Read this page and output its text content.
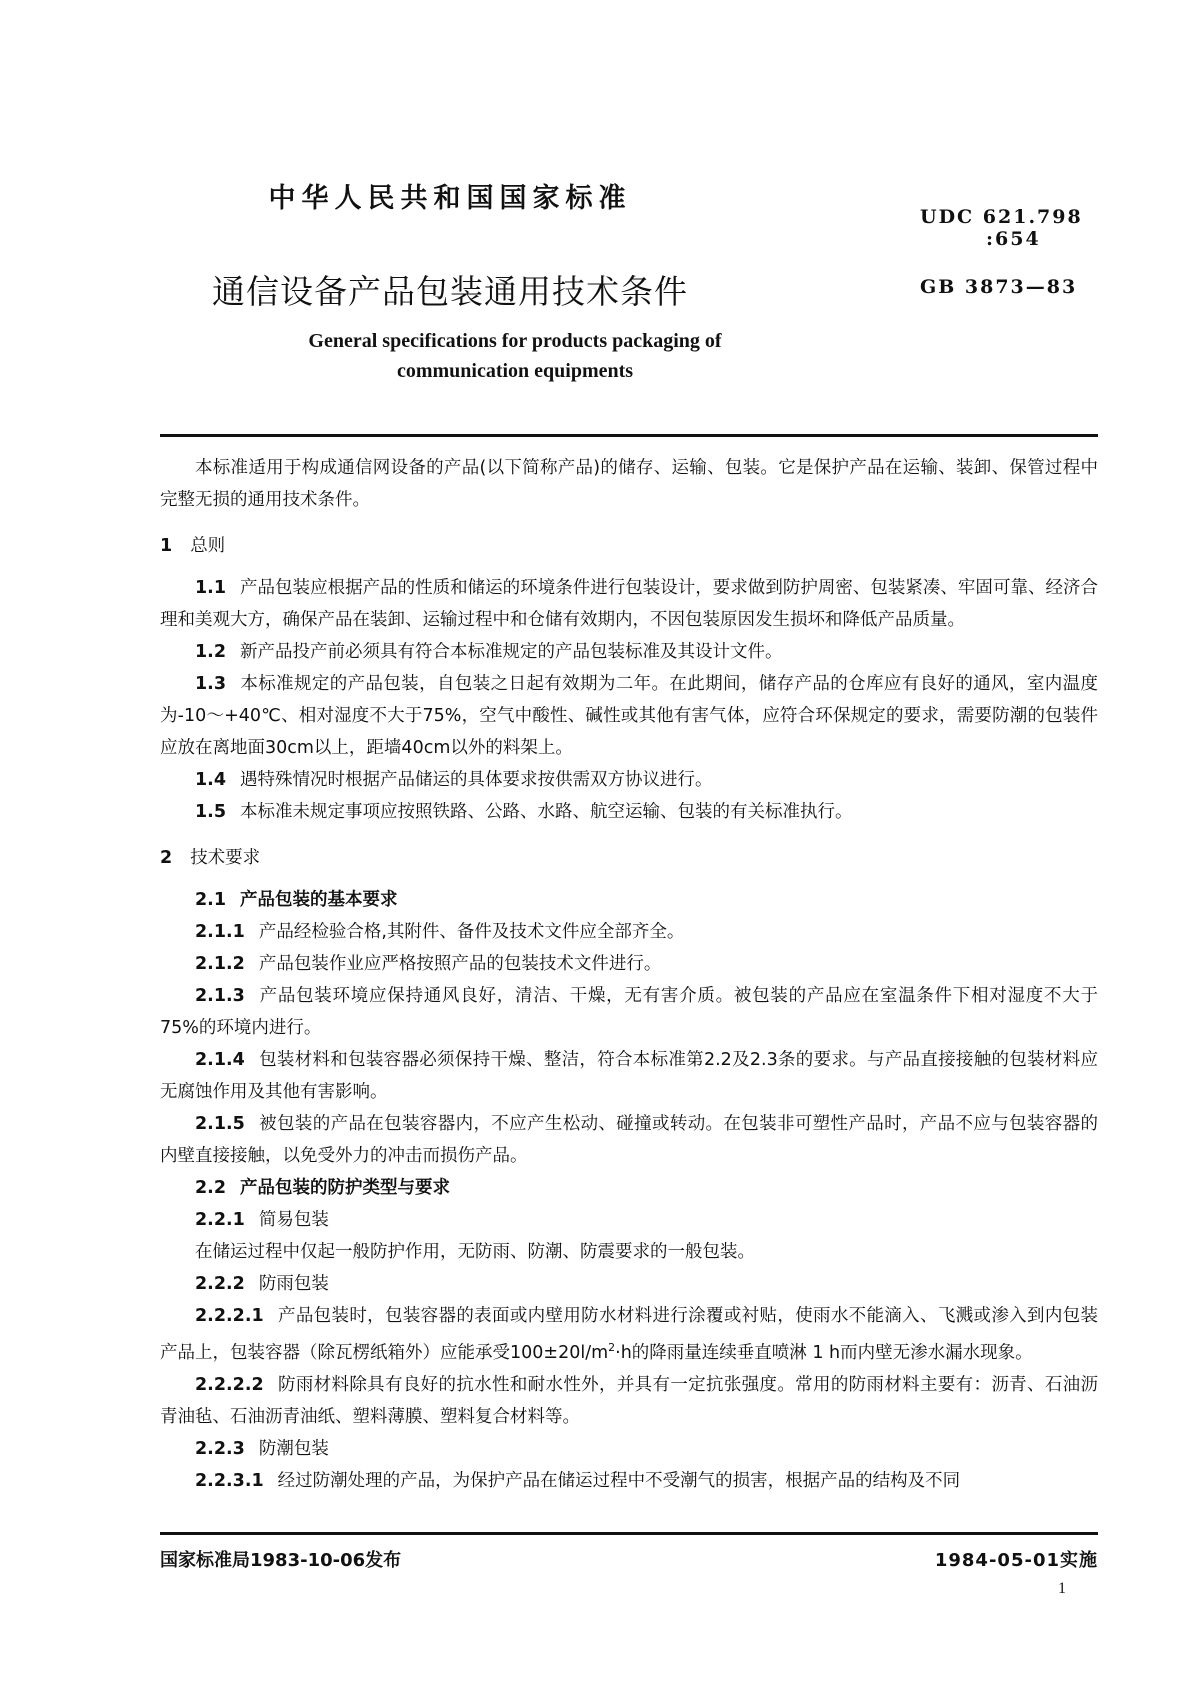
中华人民共和国国家标准
UDC 621.798
:654
通信设备产品包装通用技术条件	GB 3873—83
General specifications for products packaging of
communication equipments

本标准适用于构成通信网设备的产品(以下简称产品)的储存、运输、包装。它是保护产品在运输、装卸、保管过程中完整无损的通用技术条件。

1 总则

1.1 产品包装应根据产品的性质和储运的环境条件进行包装设计，要求做到防护周密、包装紧凑、牢固可靠、经济合理和美观大方，确保产品在装卸、运输过程中和仓储有效期内，不因包装原因发生损坏和降低产品质量。

1.2 新产品投产前必须具有符合本标准规定的产品包装标准及其设计文件。

1.3 本标准规定的产品包装，自包装之日起有效期为二年。在此期间，储存产品的仓库应有良好的通风，室内温度为-10～+40℃、相对湿度不大于75%，空气中酸性、碱性或其他有害气体，应符合环保规定的要求，需要防潮的包装件应放在离地面30cm以上，距墙40cm以外的料架上。

1.4 遇特殊情况时根据产品储运的具体要求按供需双方协议进行。

1.5 本标准未规定事项应按照铁路、公路、水路、航空运输、包装的有关标准执行。

2 技术要求

2.1 产品包装的基本要求

2.1.1 产品经检验合格,其附件、备件及技术文件应全部齐全。

2.1.2 产品包装作业应严格按照产品的包装技术文件进行。

2.1.3 产品包装环境应保持通风良好，清洁、干燥，无有害介质。被包装的产品应在室温条件下相对湿度不大于75%的环境内进行。

2.1.4 包装材料和包装容器必须保持干燥、整洁，符合本标准第2.2及2.3条的要求。与产品直接接触的包装材料应无腐蚀作用及其他有害影响。

2.1.5 被包装的产品在包装容器内，不应产生松动、碰撞或转动。在包装非可塑性产品时，产品不应与包装容器的内壁直接接触，以免受外力的冲击而损伤产品。

2.2 产品包装的防护类型与要求

2.2.1 简易包装

在储运过程中仅起一般防护作用，无防雨、防潮、防震要求的一般包装。

2.2.2 防雨包装

2.2.2.1 产品包装时，包装容器的表面或内壁用防水材料进行涂覆或衬贴，使雨水不能滴入、飞溅或渗入到内包装产品上，包装容器（除瓦楞纸箱外）应能承受$100\pm 20l/m^2\cdot h$的降雨量连续垂直喷淋 1 h而内壁无渗水漏水现象。

2.2.2.2 防雨材料除具有良好的抗水性和耐水性外，并具有一定抗张强度。常用的防雨材料主要有：沥青、石油沥青油毡、石油沥青油纸、塑料薄膜、塑料复合材料等。

2.2.3 防潮包装

2.2.3.1 经过防潮处理的产品，为保护产品在储运过程中不受潮气的损害，根据产品的结构及不同

国家标准局1983-10-06发布	1984-05-01实施
1
